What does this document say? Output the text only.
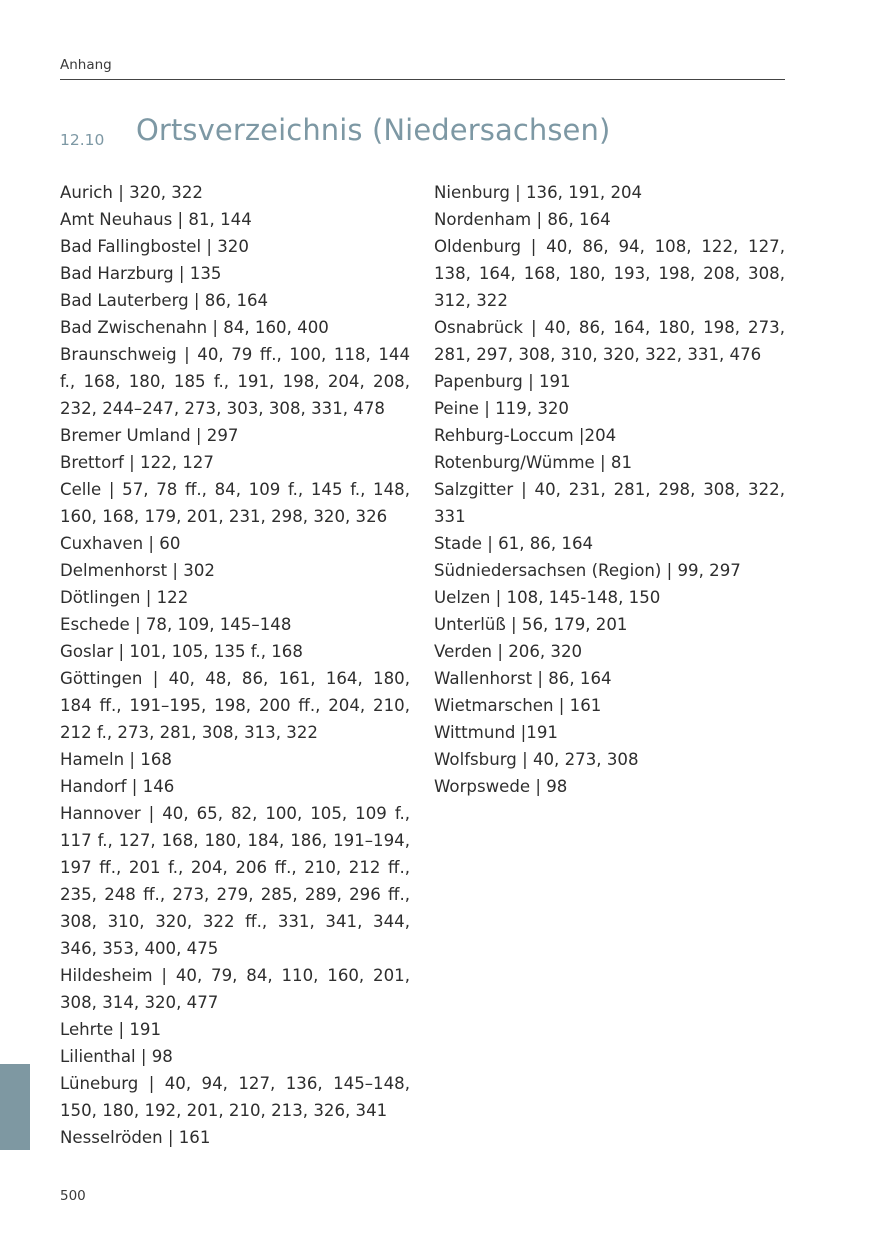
Anhang
12.10 Ortsverzeichnis (Niedersachsen)
Aurich | 320, 322
Amt Neuhaus | 81, 144
Bad Fallingbostel | 320
Bad Harzburg | 135
Bad Lauterberg | 86, 164
Bad Zwischenahn | 84, 160, 400
Braunschweig | 40, 79 ff., 100, 118, 144 f., 168, 180, 185 f., 191, 198, 204, 208, 232, 244–247, 273, 303, 308, 331, 478
Bremer Umland | 297
Brettorf | 122, 127
Celle | 57, 78 ff., 84, 109 f., 145 f., 148, 160, 168, 179, 201, 231, 298, 320, 326
Cuxhaven | 60
Delmenhorst | 302
Dötlingen | 122
Eschede | 78, 109, 145–148
Goslar | 101, 105, 135 f., 168
Göttingen | 40, 48, 86, 161, 164, 180, 184 ff., 191–195, 198, 200 ff., 204, 210, 212 f., 273, 281, 308, 313, 322
Hameln | 168
Handorf | 146
Hannover | 40, 65, 82, 100, 105, 109 f., 117 f., 127, 168, 180, 184, 186, 191–194, 197 ff., 201 f., 204, 206 ff., 210, 212 ff., 235, 248 ff., 273, 279, 285, 289, 296 ff., 308, 310, 320, 322 ff., 331, 341, 344, 346, 353, 400, 475
Hildesheim | 40, 79, 84, 110, 160, 201, 308, 314, 320, 477
Lehrte | 191
Lilienthal | 98
Lüneburg | 40, 94, 127, 136, 145–148, 150, 180, 192, 201, 210, 213, 326, 341
Nesselröden | 161
Nienburg | 136, 191, 204
Nordenham | 86, 164
Oldenburg | 40, 86, 94, 108, 122, 127, 138, 164, 168, 180, 193, 198, 208, 308, 312, 322
Osnabrück | 40, 86, 164, 180, 198, 273, 281, 297, 308, 310, 320, 322, 331, 476
Papenburg | 191
Peine | 119, 320
Rehburg-Loccum |204
Rotenburg/Wümme | 81
Salzgitter | 40, 231, 281, 298, 308, 322, 331
Stade | 61, 86, 164
Südniedersachsen (Region) | 99, 297
Uelzen | 108, 145-148, 150
Unterlüß | 56, 179, 201
Verden | 206, 320
Wallenhorst | 86, 164
Wietmarschen | 161
Wittmund |191
Wolfsburg | 40, 273, 308
Worpswede | 98
500
